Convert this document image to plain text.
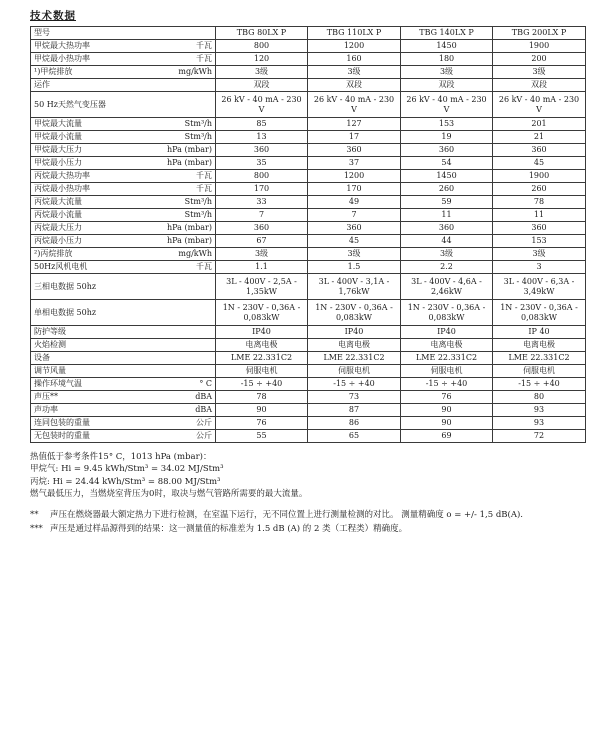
技术数据
型号	TBG 80LX P	TBG 110LX P	TBG 140LX P	TBG 200LX P

甲烷最大热功率 千瓦	800	1200	1450	1900

甲烷最小热功率 千瓦	120	160	180	200

¹)甲烷排放 mg/kWh	3级	3级	3级	3级

运作	双段	双段	双段	双段

50 Hz天然气变压器	26 kV - 40 mA - 230 V	26 kV - 40 mA - 230 V	26 kV - 40 mA - 230 V	26 kV - 40 mA - 230 V

甲烷最大流量 Stm³/h	85	127	153	201

甲烷最小流量 Stm³/h	13	17	19	21

甲烷最大压力 hPa (mbar)	360	360	360	360

甲烷最小压力 hPa (mbar)	35	37	54	45

丙烷最大热功率 千瓦	800	1200	1450	1900

丙烷最小热功率 千瓦	170	170	260	260

丙烷最大流量 Stm³/h	33	49	59	78

丙烷最小流量 Stm³/h	7	7	11	11

丙烷最大压力 hPa (mbar)	360	360	360	360

丙烷最小压力 hPa (mbar)	67	45	44	153

²)丙烷排放 mg/kWh	3级	3级	3级	3级

50Hz风机电机 千瓦	1.1	1.5	2.2	3

三相电数据 50hz	3L - 400V - 2,5A - 1,35kW	3L - 400V - 3,1A - 1,76kW	3L - 400V - 4,6A - 2,46kW	3L - 400V - 6,3A - 3,49kW

单相电数据 50hz	1N - 230V - 0,36A - 0,083kW	1N - 230V - 0,36A - 0,083kW	1N - 230V - 0,36A - 0,083kW	1N - 230V - 0,36A - 0,083kW

防护等级	IP40	IP40	IP40	IP 40

火焰检测	电离电极	电离电极	电离电极	电离电极

设备	LME 22.331C2	LME 22.331C2	LME 22.331C2	LME 22.331C2

调节风量	伺服电机	伺服电机	伺服电机	伺服电机

操作环境气温 ° C	-15 ÷ +40	-15 ÷ +40	-15 ÷ +40	-15 ÷ +40

声压** dBA	78	73	76	80

声功率 dBA	90	87	90	93

连同包装的重量 公斤	76	86	90	93

无包装时的重量 公斤	55	65	69	72
热值低于参考条件15° C，1013 hPa (mbar)：
甲烷气: Hi = 9.45 kWh/Stm³ = 34.02 MJ/Stm³
丙烷: Hi = 24.44 kWh/Stm³ = 88.00 MJ/Stm³
燃气最低压力，当燃烧室背压为0时，取决与燃气管路所需要的最大流量。
**	声压在燃烧器最大额定热力下进行检测，在室温下运行，无不同位置上进行测量检测的对比。 测量精确度 o = +/- 1,5 dB(A).
*** 声压是通过样品源得到的结果：这一测量值的标准差为 1.5 dB (A) 的 2 类（工程类）精确度。
